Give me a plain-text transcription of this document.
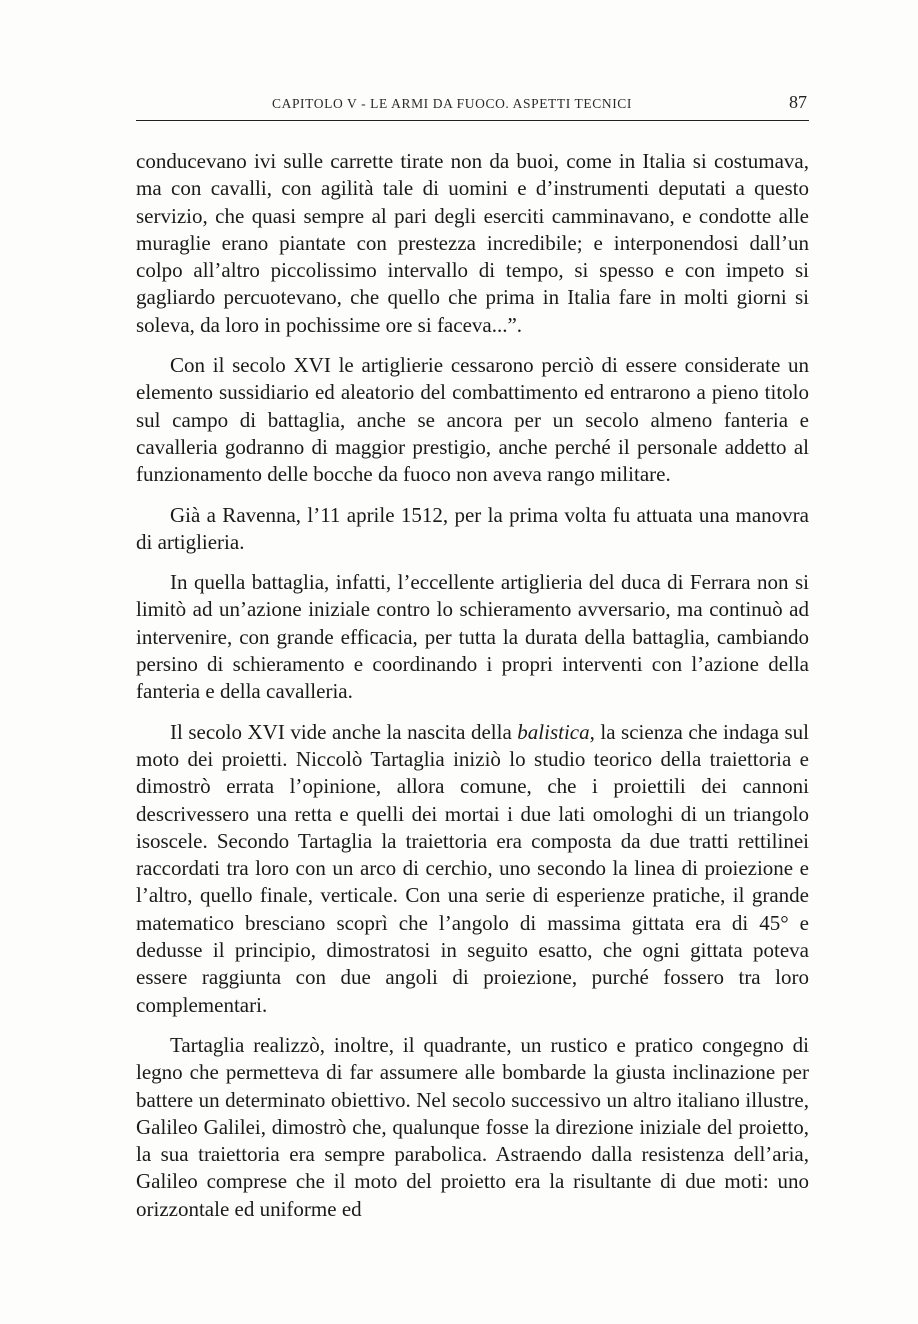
CAPITOLO V - LE ARMI DA FUOCO. ASPETTI TECNICI	87

conducevano ivi sulle carrette tirate non da buoi, come in Italia si costumava, ma con cavalli, con agilità tale di uomini e d’instrumenti deputati a questo servizio, che quasi sempre al pari degli eserciti camminavano, e condotte alle muraglie erano piantate con prestezza incredibile; e interponendosi dall’un colpo all’altro piccolissimo intervallo di tempo, si spesso e con impeto si gagliardo percuotevano, che quello che prima in Italia fare in molti giorni si soleva, da loro in pochissime ore si faceva...”.

Con il secolo XVI le artiglierie cessarono perciò di essere considerate un elemento sussidiario ed aleatorio del combattimento ed entrarono a pieno titolo sul campo di battaglia, anche se ancora per un secolo almeno fanteria e cavalleria godranno di maggior prestigio, anche perché il personale addetto al funzionamento delle bocche da fuoco non aveva rango militare.

Già a Ravenna, l’11 aprile 1512, per la prima volta fu attuata una manovra di artiglieria.

In quella battaglia, infatti, l’eccellente artiglieria del duca di Ferrara non si limitò ad un’azione iniziale contro lo schieramento avversario, ma continuò ad intervenire, con grande efficacia, per tutta la durata della battaglia, cambiando persino di schieramento e coordinando i propri interventi con l’azione della fanteria e della cavalleria.

Il secolo XVI vide anche la nascita della balistica, la scienza che indaga sul moto dei proietti. Niccolò Tartaglia iniziò lo studio teorico della traiettoria e dimostrò errata l’opinione, allora comune, che i proiettili dei cannoni descrivessero una retta e quelli dei mortai i due lati omologhi di un triangolo isoscele. Secondo Tartaglia la traiettoria era composta da due tratti rettilinei raccordati tra loro con un arco di cerchio, uno secondo la linea di proiezione e l’altro, quello finale, verticale. Con una serie di esperienze pratiche, il grande matematico bresciano scoprì che l’angolo di massima gittata era di 45° e dedusse il principio, dimostratosi in seguito esatto, che ogni gittata poteva essere raggiunta con due angoli di proiezione, purché fossero tra loro complementari.

Tartaglia realizzò, inoltre, il quadrante, un rustico e pratico congegno di legno che permetteva di far assumere alle bombarde la giusta inclinazione per battere un determinato obiettivo. Nel secolo successivo un altro italiano illustre, Galileo Galilei, dimostrò che, qualunque fosse la direzione iniziale del proietto, la sua traiettoria era sempre parabolica. Astraendo dalla resistenza dell’aria, Galileo comprese che il moto del proietto era la risultante di due moti: uno orizzontale ed uniforme ed
